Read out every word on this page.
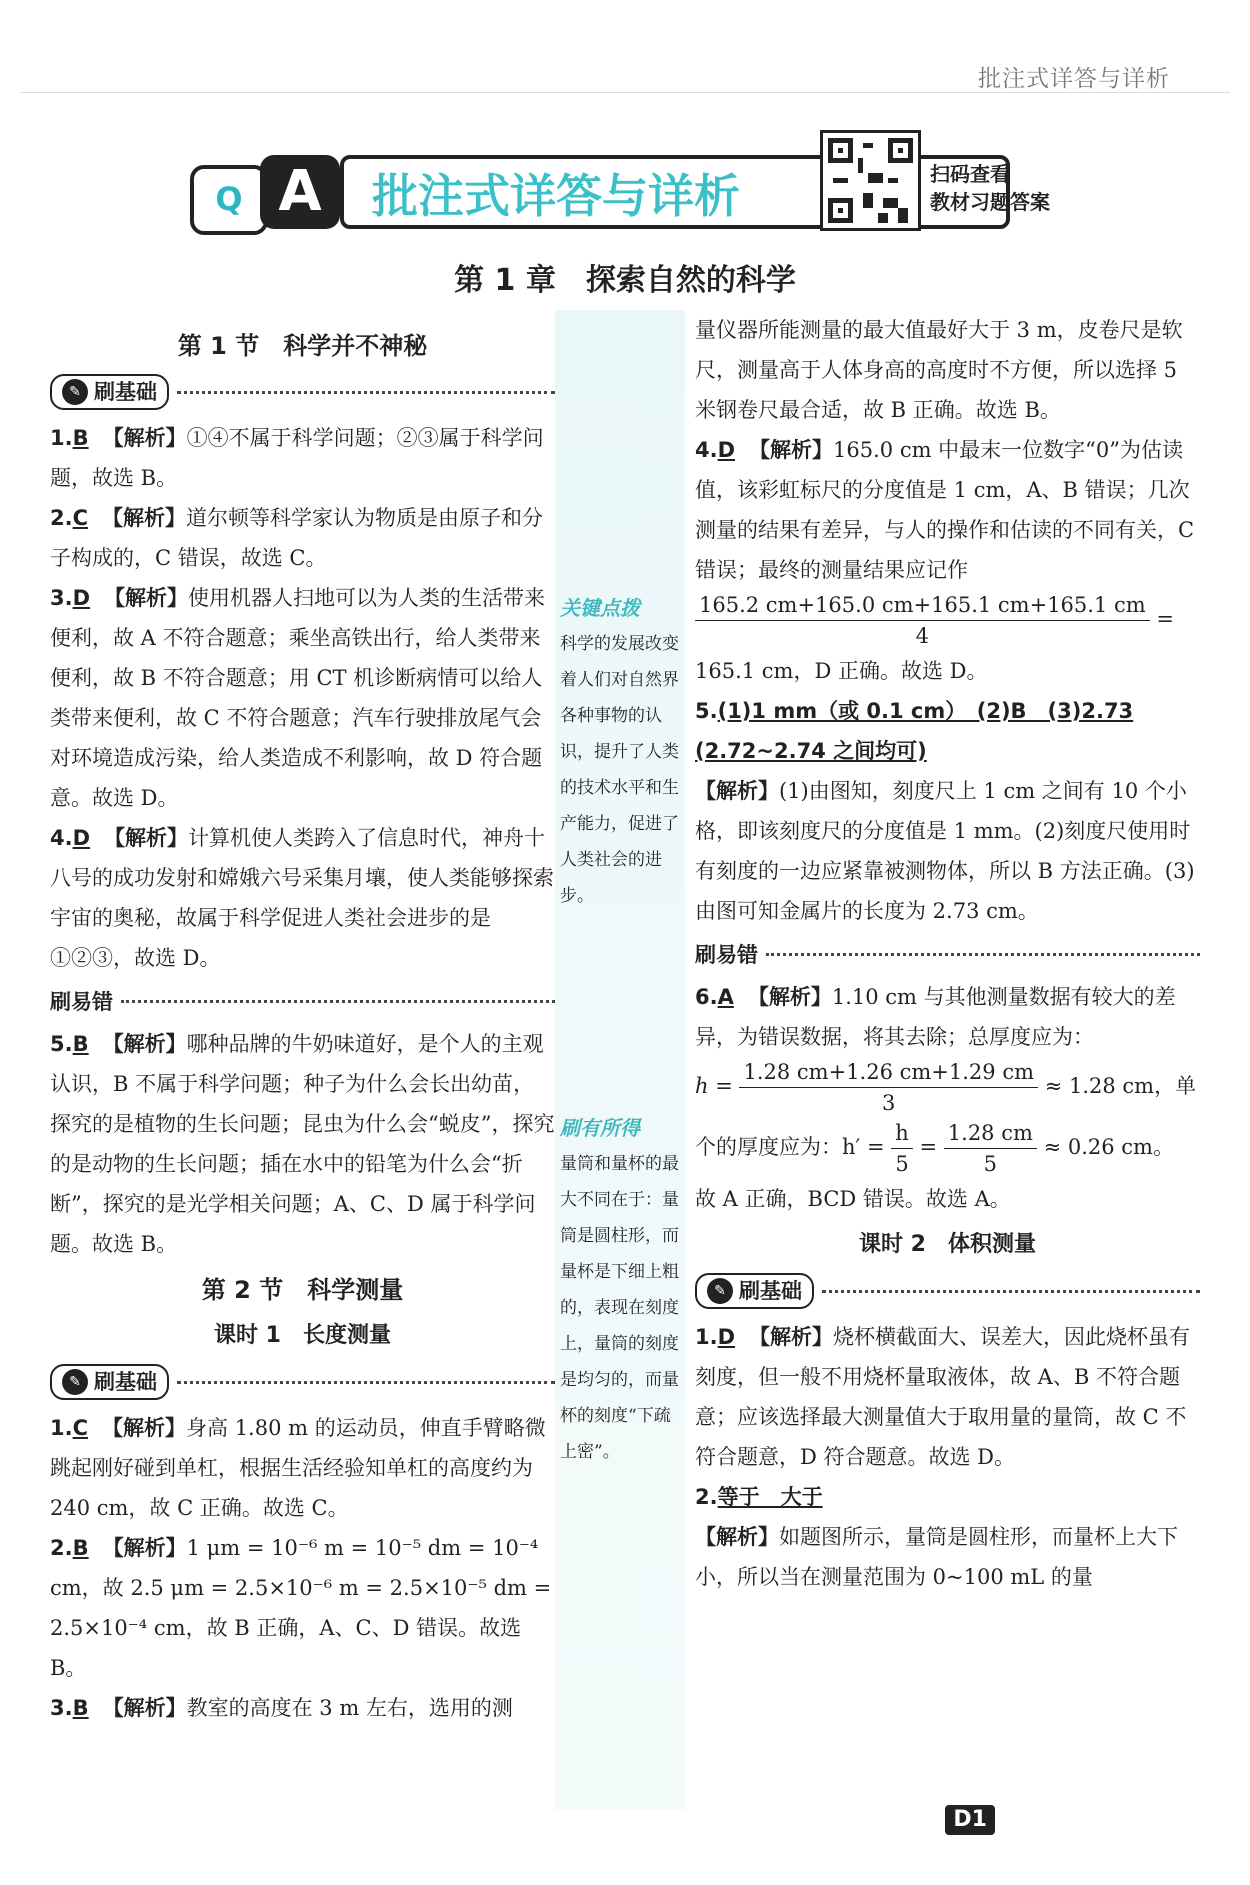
批注式详答与详析
Q A	批注式详答与详析	扫码查看
教材习题答案
第 1 章　探索自然的科学
关键点拨
科学的发展改变着人们对自然界各种事物的认识，提升了人类的技术水平和生产能力，促进了人类社会的进步。
刷有所得
量筒和量杯的最大不同在于：量筒是圆柱形，而量杯是下细上粗的，表现在刻度上，量筒的刻度是均匀的，而量杯的刻度“下疏上密”。
第 1 节　科学并不神秘
✎ 刷基础

1.B 【解析】①④不属于科学问题；②③属于科学问题，故选 B。

2.C 【解析】道尔顿等科学家认为物质是由原子和分子构成的，C 错误，故选 C。

3.D 【解析】使用机器人扫地可以为人类的生活带来便利，故 A 不符合题意；乘坐高铁出行，给人类带来便利，故 B 不符合题意；用 CT 机诊断病情可以给人类带来便利，故 C 不符合题意；汽车行驶排放尾气会对环境造成污染，给人类造成不利影响，故 D 符合题意。故选 D。

4.D 【解析】计算机使人类跨入了信息时代，神舟十八号的成功发射和嫦娥六号采集月壤，使人类能够探索宇宙的奥秘，故属于科学促进人类社会进步的是①②③，故选 D。

刷易错

5.B 【解析】哪种品牌的牛奶味道好，是个人的主观认识，B 不属于科学问题；种子为什么会长出幼苗，探究的是植物的生长问题；昆虫为什么会“蜕皮”，探究的是动物的生长问题；插在水中的铅笔为什么会“折断”，探究的是光学相关问题；A、C、D 属于科学问题。故选 B。

第 2 节　科学测量
课时 1　长度测量
✎ 刷基础

1.C 【解析】身高 1.80 m 的运动员，伸直手臂略微跳起刚好碰到单杠，根据生活经验知单杠的高度约为 240 cm，故 C 正确。故选 C。

2.B 【解析】1 μm = 10⁻⁶ m = 10⁻⁵ dm = 10⁻⁴ cm，故 2.5 μm = 2.5×10⁻⁶ m = 2.5×10⁻⁵ dm = 2.5×10⁻⁴ cm，故 B 正确，A、C、D 错误。故选 B。

3.B 【解析】教室的高度在 3 m 左右，选用的测

量仪器所能测量的最大值最好大于 3 m，皮卷尺是软尺，测量高于人体身高的高度时不方便，所以选择 5 米钢卷尺最合适，故 B 正确。故选 B。

4.D 【解析】165.0 cm 中最末一位数字“0”为估读值，该彩虹标尺的分度值是 1 cm，A、B 错误；几次测量的结果有差异，与人的操作和估读的不同有关，C 错误；最终的测量结果应记作
$\frac{165.2 cm+165.0 cm+165.1 cm+165.1 cm}{4} = 165.1$ cm，D 正确。故选 D。

5.(1)1 mm（或 0.1 cm）　(2)B　(3)2.73 (2.72~2.74 之间均可)
【解析】(1)由图知，刻度尺上 1 cm 之间有 10 个小格，即该刻度尺的分度值是 1 mm。(2)刻度尺使用时有刻度的一边应紧靠被测物体，所以 B 方法正确。(3)由图可知金属片的长度为 2.73 cm。

刷易错

6.A 【解析】1.10 cm 与其他测量数据有较大的差异，为错误数据，将其去除；总厚度应为：
$h = \frac{1.28 cm+1.26 cm+1.29 cm}{3} \approx 1.28$ cm，单个的厚度应为：$h' = \frac{h}{5} = \frac{1.28 cm}{5} \approx 0.26$ cm。
故 A 正确，BCD 错误。故选 A。

课时 2　体积测量
✎ 刷基础

1.D 【解析】烧杯横截面大、误差大，因此烧杯虽有刻度，但一般不用烧杯量取液体，故 A、B 不符合题意；应该选择最大测量值大于取用量的量筒，故 C 不符合题意，D 符合题意。故选 D。

2.等于　大于
【解析】如题图所示，量筒是圆柱形，而量杯上大下小，所以当在测量范围为 0~100 mL 的量

D1
